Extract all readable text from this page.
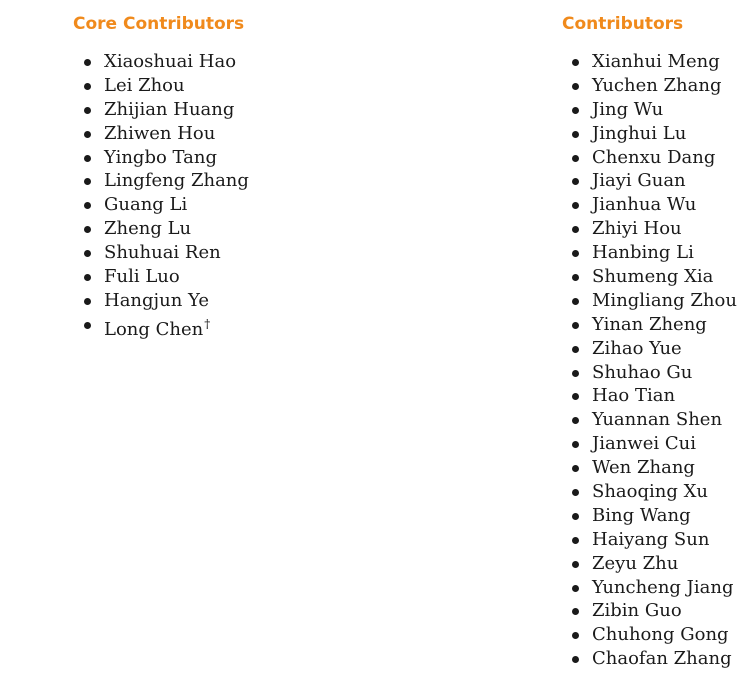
Core Contributors
Xiaoshuai Hao
Lei Zhou
Zhijian Huang
Zhiwen Hou
Yingbo Tang
Lingfeng Zhang
Guang Li
Zheng Lu
Shuhuai Ren
Fuli Luo
Hangjun Ye
Long Chen†
Contributors
Xianhui Meng
Yuchen Zhang
Jing Wu
Jinghui Lu
Chenxu Dang
Jiayi Guan
Jianhua Wu
Zhiyi Hou
Hanbing Li
Shumeng Xia
Mingliang Zhou
Yinan Zheng
Zihao Yue
Shuhao Gu
Hao Tian
Yuannan Shen
Jianwei Cui
Wen Zhang
Shaoqing Xu
Bing Wang
Haiyang Sun
Zeyu Zhu
Yuncheng Jiang
Zibin Guo
Chuhong Gong
Chaofan Zhang
